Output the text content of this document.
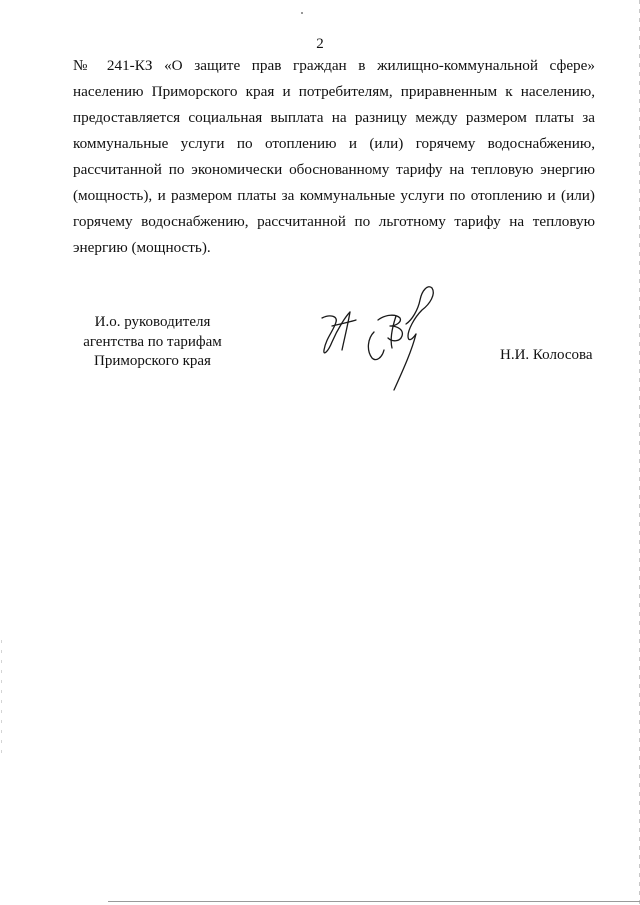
2

№ 241-КЗ «О защите прав граждан в жилищно-коммунальной сфере» населению Приморского края и потребителям, приравненным к населению, предоставляется социальная выплата на разницу между размером платы за коммунальные услуги по отоплению и (или) горячему водоснабжению, рассчитанной по экономически обоснованному тарифу на тепловую энергию (мощность), и размером платы за коммунальные услуги по отоплению и (или) горячему водоснабжению, рассчитанной по льготному тарифу на тепловую энергию (мощность).

И.о. руководителя
агентства по тарифам
Приморского края	Н.И. Колосова
